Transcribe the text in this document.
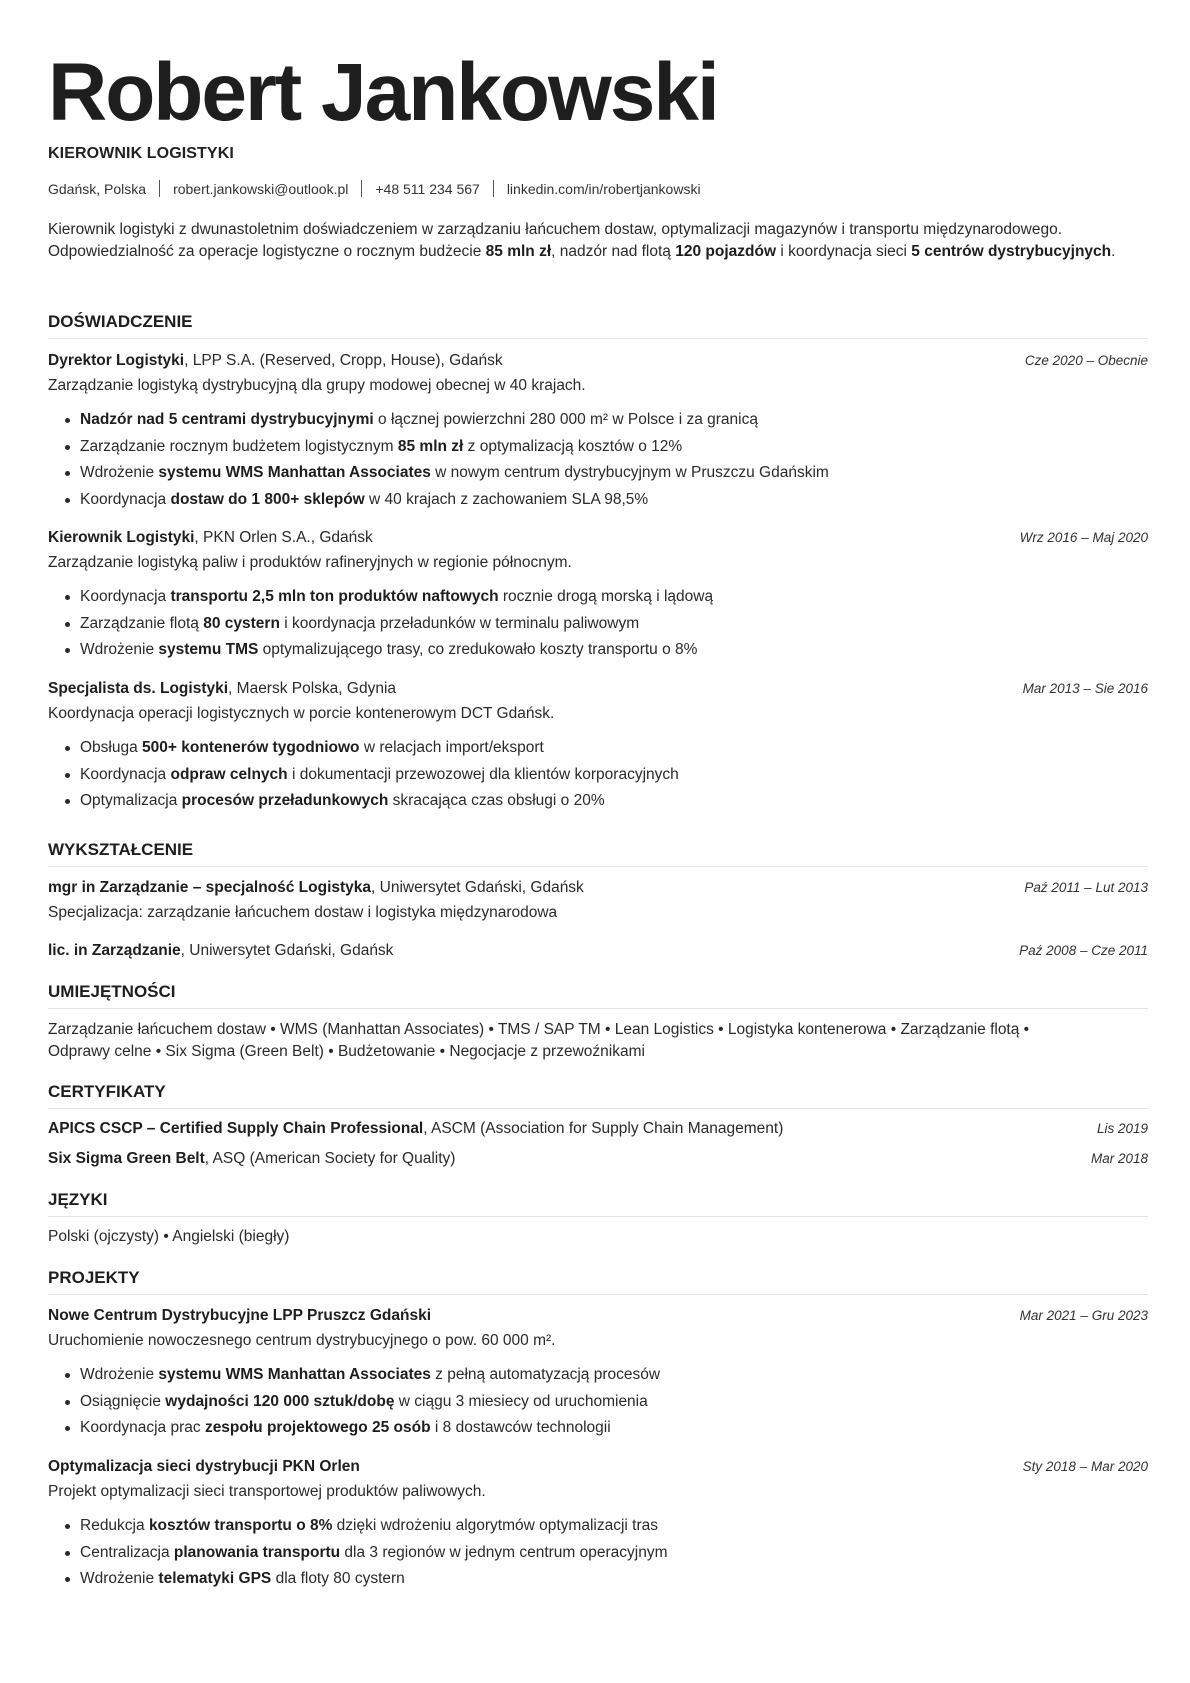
Robert Jankowski
KIEROWNIK LOGISTYKI
Gdańsk, Polska robert.jankowski@outlook.pl +48 511 234 567 linkedin.com/in/robertjankowski
Kierownik logistyki z dwunastoletnim doświadczeniem w zarządzaniu łańcuchem dostaw, optymalizacji magazynów i transportu międzynarodowego. Odpowiedzialność za operacje logistyczne o rocznym budżecie 85 mln zł, nadzór nad flotą 120 pojazdów i koordynacja sieci 5 centrów dystrybucyjnych.
DOŚWIADCZENIE
Dyrektor Logistyki, LPP S.A. (Reserved, Cropp, House), Gdańsk	Cze 2020 – Obecnie
Zarządzanie logistyką dystrybucyjną dla grupy modowej obecnej w 40 krajach.
Nadzór nad 5 centrami dystrybucyjnymi o łącznej powierzchni 280 000 m² w Polsce i za granicą
Zarządzanie rocznym budżetem logistycznym 85 mln zł z optymalizacją kosztów o 12%
Wdrożenie systemu WMS Manhattan Associates w nowym centrum dystrybucyjnym w Pruszczu Gdańskim
Koordynacja dostaw do 1 800+ sklepów w 40 krajach z zachowaniem SLA 98,5%
Kierownik Logistyki, PKN Orlen S.A., Gdańsk	Wrz 2016 – Maj 2020
Zarządzanie logistyką paliw i produktów rafineryjnych w regionie północnym.
Koordynacja transportu 2,5 mln ton produktów naftowych rocznie drogą morską i lądową
Zarządzanie flotą 80 cystern i koordynacja przeładunków w terminalu paliwowym
Wdrożenie systemu TMS optymalizującego trasy, co zredukowało koszty transportu o 8%
Specjalista ds. Logistyki, Maersk Polska, Gdynia	Mar 2013 – Sie 2016
Koordynacja operacji logistycznych w porcie kontenerowym DCT Gdańsk.
Obsługa 500+ kontenerów tygodniowo w relacjach import/eksport
Koordynacja odpraw celnych i dokumentacji przewozowej dla klientów korporacyjnych
Optymalizacja procesów przeładunkowych skracająca czas obsługi o 20%
WYKSZTAŁCENIE
mgr in Zarządzanie – specjalność Logistyka, Uniwersytet Gdański, Gdańsk	Paź 2011 – Lut 2013
Specjalizacja: zarządzanie łańcuchem dostaw i logistyka międzynarodowa
lic. in Zarządzanie, Uniwersytet Gdański, Gdańsk	Paź 2008 – Cze 2011
UMIEJĘTNOŚCI
Zarządzanie łańcuchem dostaw • WMS (Manhattan Associates) • TMS / SAP TM • Lean Logistics • Logistyka kontenerowa • Zarządzanie flotą •
Odprawy celne • Six Sigma (Green Belt) • Budżetowanie • Negocjacje z przewoźnikami
CERTYFIKATY
APICS CSCP – Certified Supply Chain Professional, ASCM (Association for Supply Chain Management)	Lis 2019
Six Sigma Green Belt, ASQ (American Society for Quality)	Mar 2018
JĘZYKI
Polski (ojczysty) • Angielski (biegły)
PROJEKTY
Nowe Centrum Dystrybucyjne LPP Pruszcz Gdański	Mar 2021 – Gru 2023
Uruchomienie nowoczesnego centrum dystrybucyjnego o pow. 60 000 m².
Wdrożenie systemu WMS Manhattan Associates z pełną automatyzacją procesów
Osiągnięcie wydajności 120 000 sztuk/dobę w ciągu 3 miesiecy od uruchomienia
Koordynacja prac zespołu projektowego 25 osób i 8 dostawców technologii
Optymalizacja sieci dystrybucji PKN Orlen	Sty 2018 – Mar 2020
Projekt optymalizacji sieci transportowej produktów paliwowych.
Redukcja kosztów transportu o 8% dzięki wdrożeniu algorytmów optymalizacji tras
Centralizacja planowania transportu dla 3 regionów w jednym centrum operacyjnym
Wdrożenie telematyki GPS dla floty 80 cystern
